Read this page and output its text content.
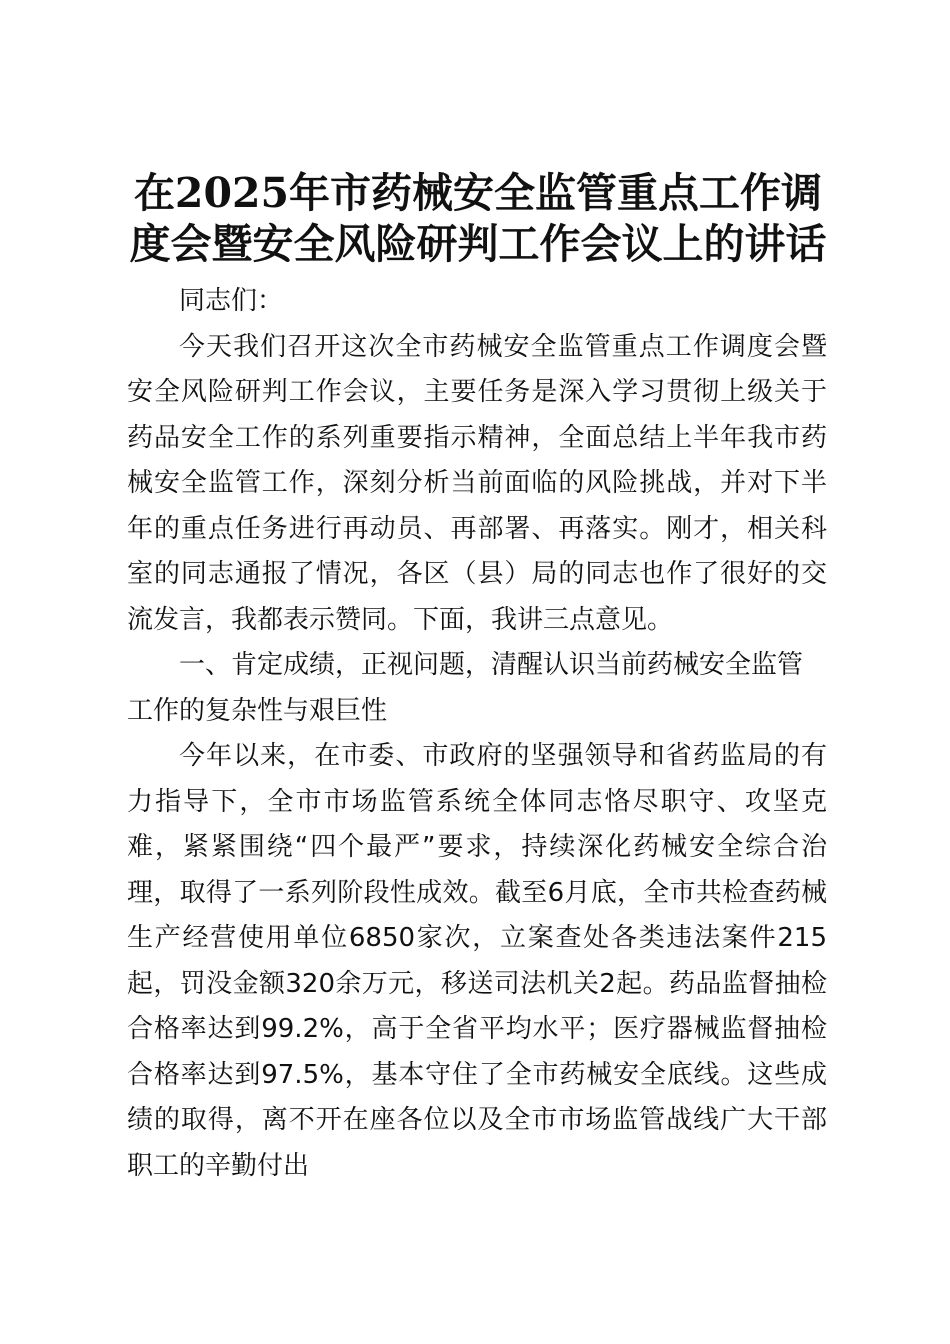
在2025年市药械安全监管重点工作调度会暨安全风险研判工作会议上的讲话

同志们：

今天我们召开这次全市药械安全监管重点工作调度会暨安全风险研判工作会议，主要任务是深入学习贯彻上级关于药品安全工作的系列重要指示精神，全面总结上半年我市药械安全监管工作，深刻分析当前面临的风险挑战，并对下半年的重点任务进行再动员、再部署、再落实。刚才，相关科室的同志通报了情况，各区（县）局的同志也作了很好的交流发言，我都表示赞同。下面，我讲三点意见。

一、肯定成绩，正视问题，清醒认识当前药械安全监管工作的复杂性与艰巨性

今年以来，在市委、市政府的坚强领导和省药监局的有力指导下，全市市场监管系统全体同志恪尽职守、攻坚克难，紧紧围绕“四个最严”要求，持续深化药械安全综合治理，取得了一系列阶段性成效。截至6月底，全市共检查药械生产经营使用单位6850家次，立案查处各类违法案件215起，罚没金额320余万元，移送司法机关2起。药品监督抽检合格率达到99.2%，高于全省平均水平；医疗器械监督抽检合格率达到97.5%，基本守住了全市药械安全底线。这些成绩的取得，离不开在座各位以及全市市场监管战线广大干部职工的辛勤付出
